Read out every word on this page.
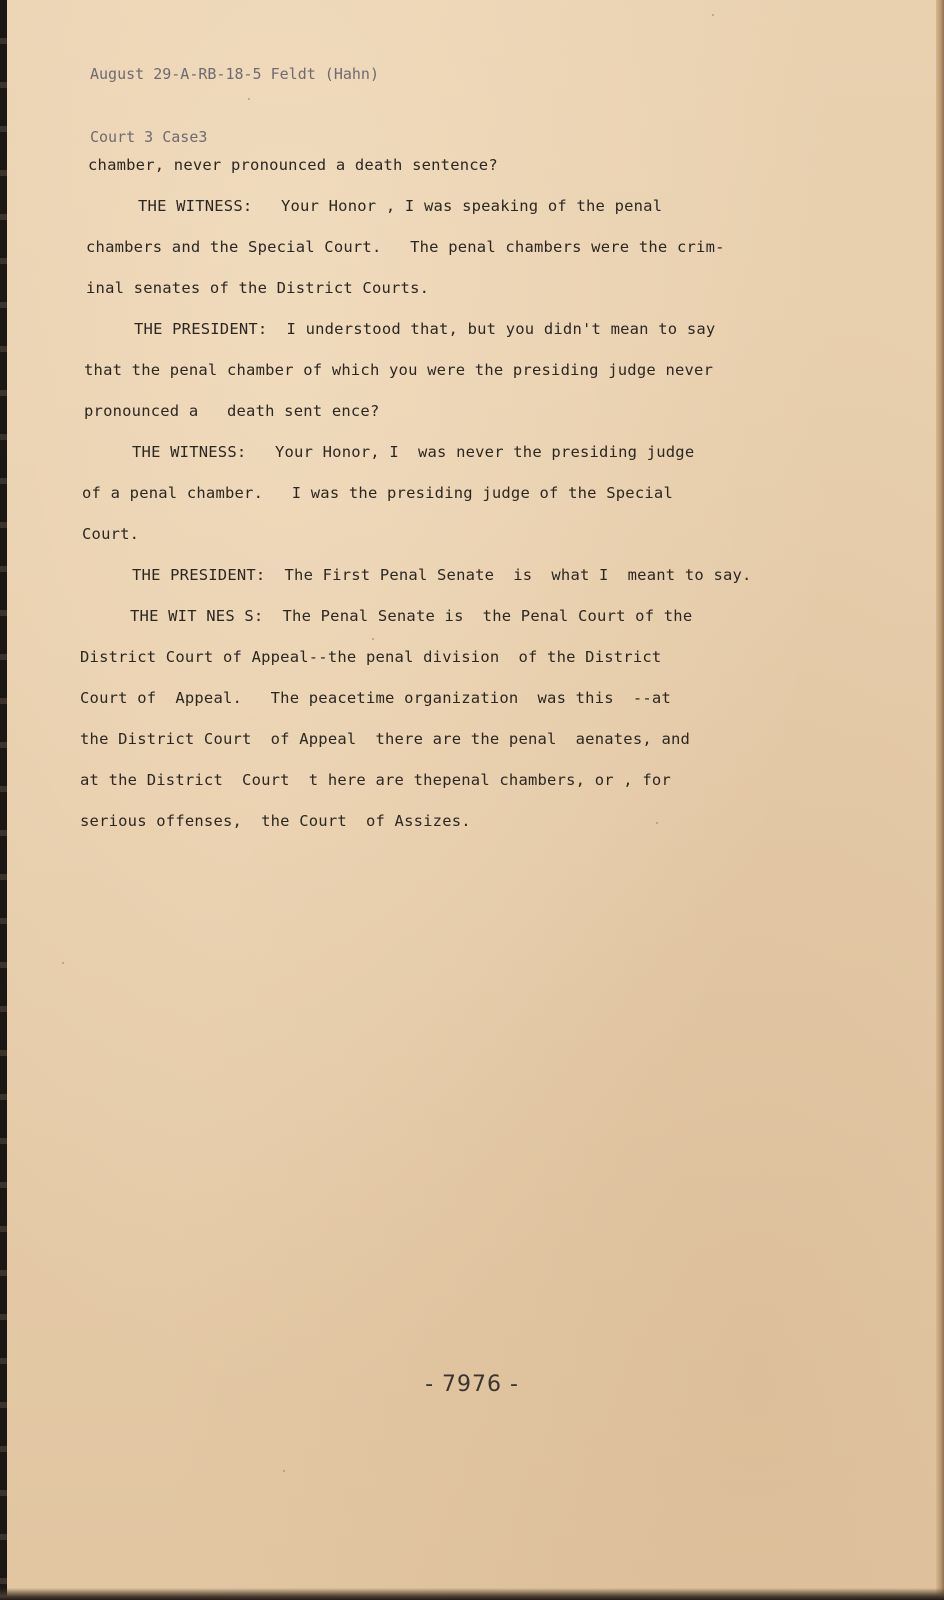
August 29-A-RB-18-5 Feldt (Hahn)

Court 3 Case3

chamber, never pronounced a death sentence?
THE WITNESS:   Your Honor , I was speaking of the penal
chambers and the Special Court.   The penal chambers were the crim-
inal senates of the District Courts.
THE PRESIDENT:  I understood that, but you didn't mean to say
that the penal chamber of which you were the presiding judge never
pronounced a   death sent ence?
THE WITNESS:   Your Honor, I  was never the presiding judge
of a penal chamber.   I was the presiding judge of the Special
Court.
THE PRESIDENT:  The First Penal Senate  is  what I  meant to say.
THE WIT NES S:  The Penal Senate is  the Penal Court of the
District Court of Appeal--the penal division  of the District
Court of  Appeal.   The peacetime organization  was this  --at
the District Court  of Appeal  there are the penal  aenates, and
at the District  Court  t here are thepenal chambers, or , for
serious offenses,  the Court  of Assizes.
- 7976 -
